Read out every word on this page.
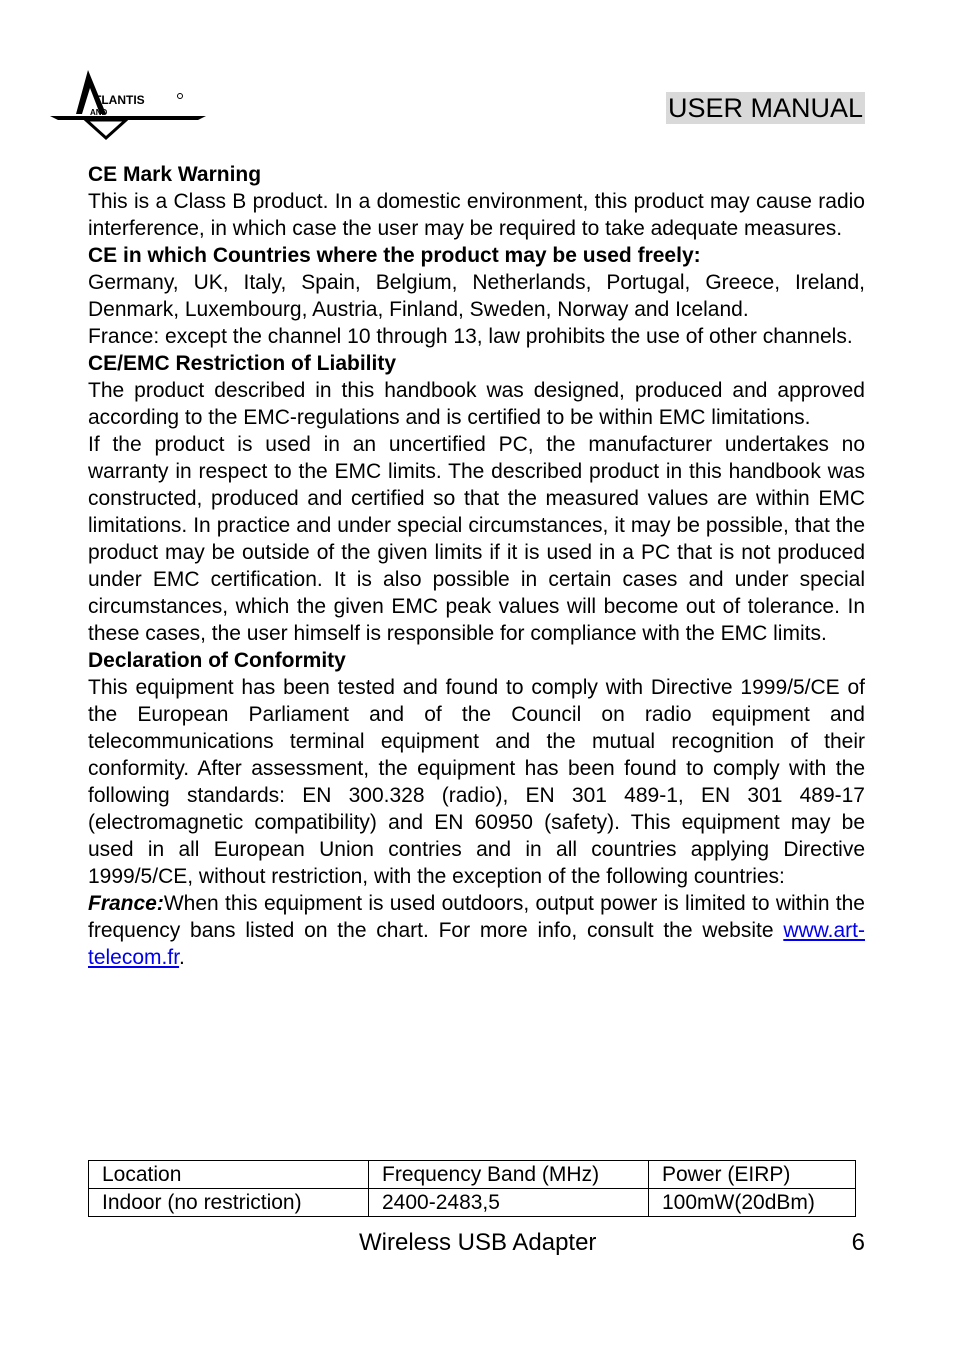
TLANTIS
AND	USER MANUAL
CE Mark Warning

This is a Class B product. In a domestic environment, this product may cause radio interference, in which case the user may be required to take adequate measures.

CE in which Countries where the product may be used freely:

Germany, UK, Italy, Spain, Belgium, Netherlands, Portugal, Greece, Ireland, Denmark, Luxembourg, Austria, Finland, Sweden, Norway and Iceland.

France: except the channel 10 through 13, law prohibits the use of other channels.

CE/EMC Restriction of Liability

The product described in this handbook was designed, produced and approved according to the EMC-regulations and is certified to be within EMC limitations.

If the product is used in an uncertified PC, the manufacturer undertakes no warranty in respect to the EMC limits. The described product in this handbook was constructed, produced and certified so that the measured values are within EMC limitations. In practice and under special circumstances, it may be possible, that the product may be outside of the given limits if it is used in a PC that is not produced under EMC certification. It is also possible in certain cases and under special circumstances, which the given EMC peak values will become out of tolerance. In these cases, the user himself is responsible for compliance with the EMC limits.

Declaration of Conformity

This equipment has been tested and found to comply with Directive 1999/5/CE of the European Parliament and of the Council on radio equipment and telecommunications terminal equipment and the mutual recognition of their conformity. After assessment, the equipment has been found to comply with the following standards: EN 300.328 (radio), EN 301 489-1, EN 301 489-17 (electromagnetic compatibility) and EN 60950 (safety). This equipment may be used in all European Union contries and in all countries applying Directive 1999/5/CE, without restriction, with the exception of the following countries:

France:When this equipment is used outdoors, output power is limited to within the frequency bans listed on the chart. For more info, consult the website www.art-telecom.fr.

Location	Frequency Band (MHz)	Power (EIRP)
Indoor (no restriction)	2400-2483,5	100mW(20dBm)
Wireless USB Adapter	6
